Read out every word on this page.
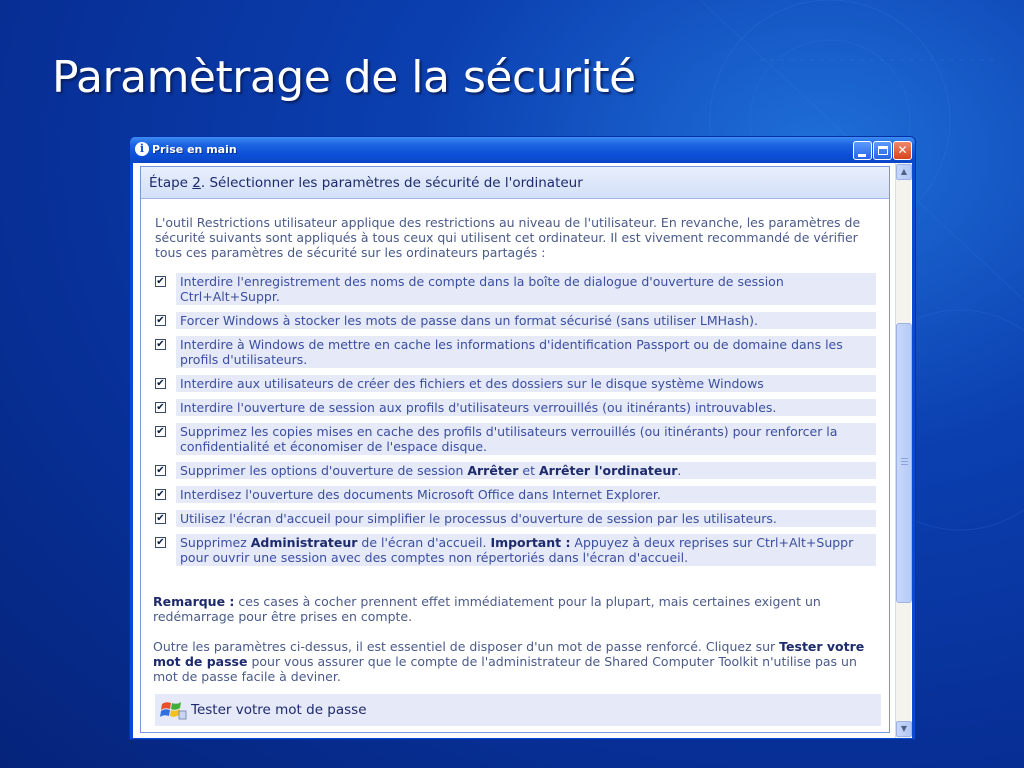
Paramètrage de la sécurité
i Prise en main	✕
Étape 2. Sélectionner les paramètres de sécurité de l'ordinateur
L'outil Restrictions utilisateur applique des restrictions au niveau de l'utilisateur. En revanche, les paramètres de sécurité suivants sont appliqués à tous ceux qui utilisent cet ordinateur. Il est vivement recommandé de vérifier tous ces paramètres de sécurité sur les ordinateurs partagés :
✔	Interdire l'enregistrement des noms de compte dans la boîte de dialogue d'ouverture de session Ctrl+Alt+Suppr.
✔	Forcer Windows à stocker les mots de passe dans un format sécurisé (sans utiliser LMHash).
✔	Interdire à Windows de mettre en cache les informations d'identification Passport ou de domaine dans les profils d'utilisateurs.
✔	Interdire aux utilisateurs de créer des fichiers et des dossiers sur le disque système Windows
✔	Interdire l'ouverture de session aux profils d'utilisateurs verrouillés (ou itinérants) introuvables.
✔	Supprimez les copies mises en cache des profils d'utilisateurs verrouillés (ou itinérants) pour renforcer la confidentialité et économiser de l'espace disque.
✔	Supprimer les options d'ouverture de session Arrêter et Arrêter l'ordinateur.
✔	Interdisez l'ouverture des documents Microsoft Office dans Internet Explorer.
✔	Utilisez l'écran d'accueil pour simplifier le processus d'ouverture de session par les utilisateurs.
✔	Supprimez Administrateur de l'écran d'accueil. Important : Appuyez à deux reprises sur Ctrl+Alt+Suppr pour ouvrir une session avec des comptes non répertoriés dans l'écran d'accueil.
Remarque : ces cases à cocher prennent effet immédiatement pour la plupart, mais certaines exigent un redémarrage pour être prises en compte.
Outre les paramètres ci-dessus, il est essentiel de disposer d'un mot de passe renforcé. Cliquez sur Tester votre mot de passe pour vous assurer que le compte de l'administrateur de Shared Computer Toolkit n'utilise pas un mot de passe facile à deviner.
Tester votre mot de passe
▲
▼
